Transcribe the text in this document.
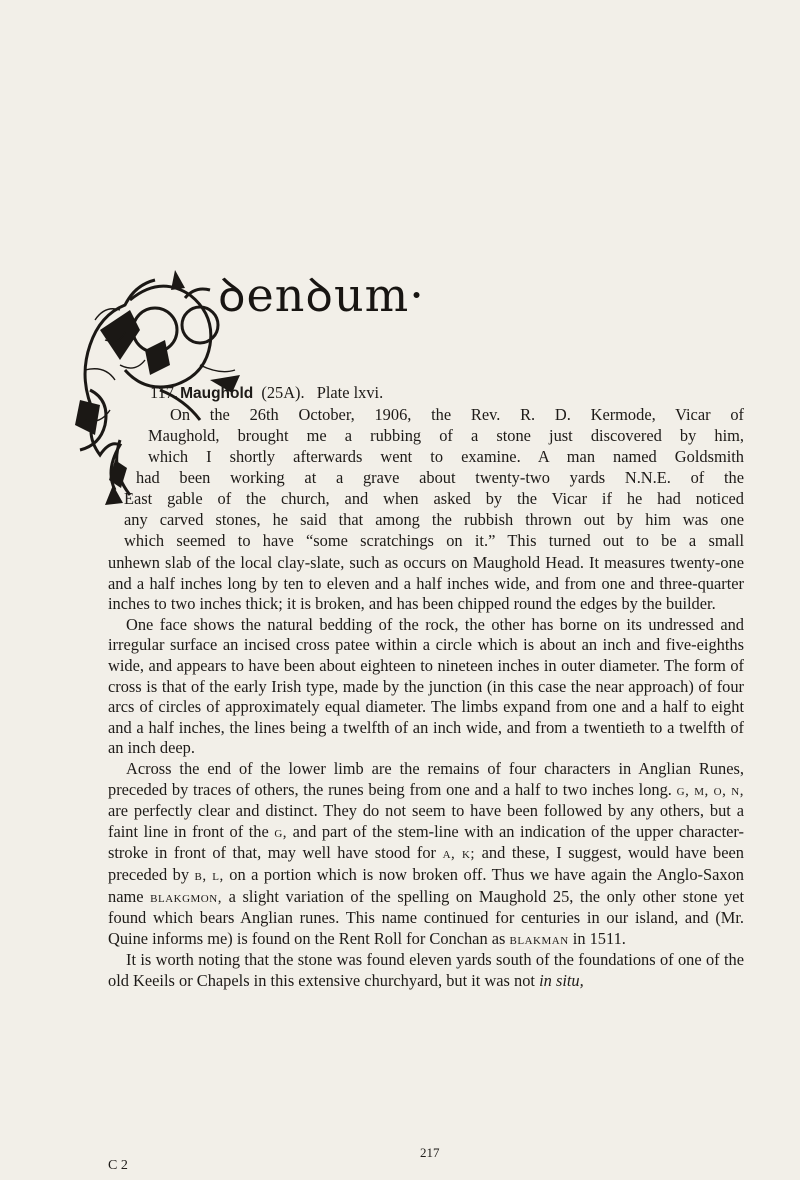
ꝺenꝺum·
117. Maughold (25A). Plate lxvi.
On the 26th October, 1906, the Rev. R. D. Kermode, Vicar of
Maughold, brought me a rubbing of a stone just discovered by him,
which I shortly afterwards went to examine. A man named Goldsmith
had been working at a grave about twenty-two yards N.N.E. of the
East gable of the church, and when asked by the Vicar if he had noticed
any carved stones, he said that among the rubbish thrown out by him was one
which seemed to have “some scratchings on it.” This turned out to be a small

unhewn slab of the local clay-slate, such as occurs on Maughold Head. It measures twenty-one and a half inches long by ten to eleven and a half inches wide, and from one and three-quarter inches to two inches thick; it is broken, and has been chipped round the edges by the builder.

One face shows the natural bedding of the rock, the other has borne on its undressed and irregular surface an incised cross patee within a circle which is about an inch and five-eighths wide, and appears to have been about eighteen to nineteen inches in outer diameter. The form of cross is that of the early Irish type, made by the junction (in this case the near approach) of four arcs of circles of approximately equal diameter. The limbs expand from one and a half to eight and a half inches, the lines being a twelfth of an inch wide, and from a twentieth to a twelfth of an inch deep.

Across the end of the lower limb are the remains of four characters in Anglian Runes, preceded by traces of others, the runes being from one and a half to two inches long. g, m, o, n, are perfectly clear and distinct. They do not seem to have been followed by any others, but a faint line in front of the g, and part of the stem-line with an indication of the upper character-stroke in front of that, may well have stood for a, k; and these, I suggest, would have been preceded by b, l, on a portion which is now broken off. Thus we have again the Anglo-Saxon name blakgmon, a slight variation of the spelling on Maughold 25, the only other stone yet found which bears Anglian runes. This name continued for centuries in our island, and (Mr. Quine informs me) is found on the Rent Roll for Conchan as blakman in 1511.

It is worth noting that the stone was found eleven yards south of the foundations of one of the old Keeils or Chapels in this extensive churchyard, but it was not in situ,

217
C 2
